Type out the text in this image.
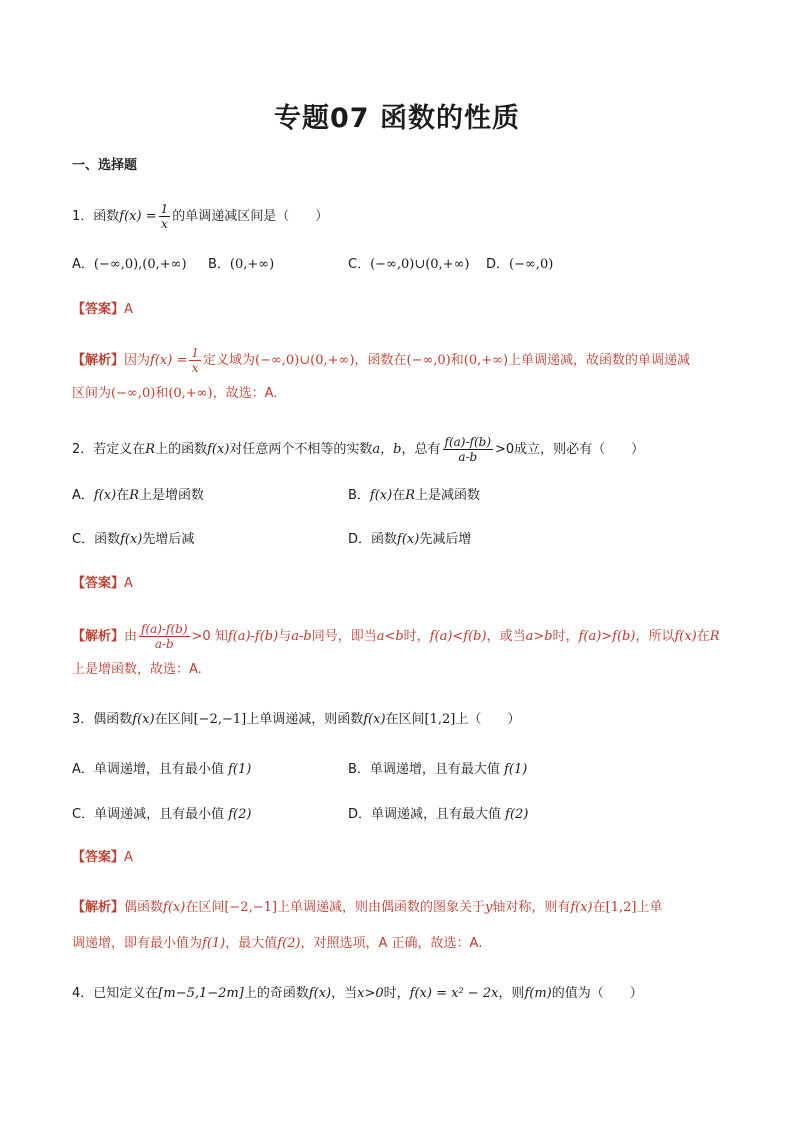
专题07 函数的性质
一、选择题
1．函数$f(x) = \frac{1}{x}$ 的单调递减区间是（　　）
A．(−∞,0),(0,+∞) B．(0,+∞)	C．(−∞,0)∪(0,+∞) D．(−∞,0)
【答案】A
【解析】因为$f(x) = \frac{1}{x}$ 定义域为(−∞,0)∪(0,+∞)，函数在(−∞,0)和(0,+∞)上单调递减，故函数的单调递减
区间为(−∞,0)和(0,+∞)，故选：A.
2．若定义在R上的函数f(x)对任意两个不相等的实数a，b，总有 $\frac{f(a)-f(b)}{a-b} >0$成立，则必有（　　）
A．f(x)在R上是增函数	B．f(x)在R上是减函数
C．函数f(x)先增后减	D．函数f(x)先减后增
【答案】A
【解析】由 $\frac{f(a)-f(b)}{a-b} >0$ 知f(a)-f(b)与a-b同号，即当a<b时，f(a)<f(b)，或当a>b时，f(a)>f(b)，所以f(x)在R
上是增函数，故选：A.
3．偶函数f(x)在区间[−2,−1]上单调递减，则函数f(x)在区间[1,2]上（　　）
A．单调递增，且有最小值 f(1)	B．单调递增，且有最大值 f(1)
C．单调递减，且有最小值 f(2)	D．单调递减，且有最大值 f(2)
【答案】A
【解析】偶函数f(x)在区间[−2,−1]上单调递减，则由偶函数的图象关于y轴对称，则有f(x)在[1,2]上单
调递增，即有最小值为f(1)，最大值f(2)，对照选项，A 正确，故选：A.
4．已知定义在[m−5,1−2m]上的奇函数f(x)，当x>0时，f(x) = x² − 2x，则f(m)的值为（　　）
